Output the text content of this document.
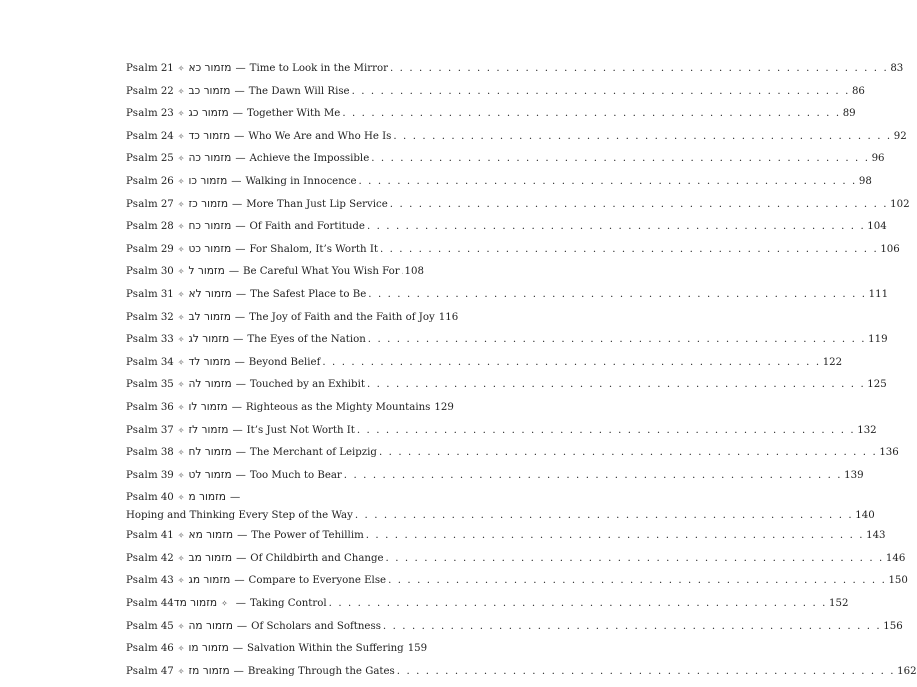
Psalm 21 ✧ מזמור כא — Time to Look in the Mirror . . . . . . . . . . . . . . . . . . . . . . . . . . . . . . . . . . . . . . . . . . . . . . . . . . . . 83
Psalm 22 ✧ מזמור כב — The Dawn Will Rise . . . . . . . . . . . . . . . . . . . . . . . . . . . . . . . . . . . . . . . . . . . . . . . . . . . . 86
Psalm 23 ✧ מזמור כג — Together With Me . . . . . . . . . . . . . . . . . . . . . . . . . . . . . . . . . . . . . . . . . . . . . . . . . . . . 89
Psalm 24 ✧ מזמור כד — Who We Are and Who He Is . . . . . . . . . . . . . . . . . . . . . . . . . . . . . . . . . . . . . . . . . . . . . . . . . . . . 92
Psalm 25 ✧ מזמור כה — Achieve the Impossible . . . . . . . . . . . . . . . . . . . . . . . . . . . . . . . . . . . . . . . . . . . . . . . . . . . . 96
Psalm 26 ✧ מזמור כו — Walking in Innocence . . . . . . . . . . . . . . . . . . . . . . . . . . . . . . . . . . . . . . . . . . . . . . . . . . . . 98
Psalm 27 ✧ מזמור כז — More Than Just Lip Service . . . . . . . . . . . . . . . . . . . . . . . . . . . . . . . . . . . . . . . . . . . . . . . . . . . . 102
Psalm 28 ✧ מזמור כח — Of Faith and Fortitude . . . . . . . . . . . . . . . . . . . . . . . . . . . . . . . . . . . . . . . . . . . . . . . . . . . . 104
Psalm 29 ✧ מזמור כט — For Shalom, It’s Worth It . . . . . . . . . . . . . . . . . . . . . . . . . . . . . . . . . . . . . . . . . . . . . . . . . . . . 106
Psalm 30 ✧ מזמור ל — Be Careful What You Wish For 108
Psalm 31 ✧ מזמור לא — The Safest Place to Be . . . . . . . . . . . . . . . . . . . . . . . . . . . . . . . . . . . . . . . . . . . . . . . . . . . . 111
Psalm 32 ✧ מזמור לב — The Joy of Faith and the Faith of Joy 116
Psalm 33 ✧ מזמור לג — The Eyes of the Nation . . . . . . . . . . . . . . . . . . . . . . . . . . . . . . . . . . . . . . . . . . . . . . . . . . . . 119
Psalm 34 ✧ מזמור לד — Beyond Belief . . . . . . . . . . . . . . . . . . . . . . . . . . . . . . . . . . . . . . . . . . . . . . . . . . . . 122
Psalm 35 ✧ מזמור לה — Touched by an Exhibit . . . . . . . . . . . . . . . . . . . . . . . . . . . . . . . . . . . . . . . . . . . . . . . . . . . . 125
Psalm 36 ✧ מזמור לו — Righteous as the Mighty Mountains 129
Psalm 37 ✧ מזמור לז — It’s Just Not Worth It . . . . . . . . . . . . . . . . . . . . . . . . . . . . . . . . . . . . . . . . . . . . . . . . . . . . 132
Psalm 38 ✧ מזמור לח — The Merchant of Leipzig . . . . . . . . . . . . . . . . . . . . . . . . . . . . . . . . . . . . . . . . . . . . . . . . . . . . 136
Psalm 39 ✧ מזמור לט — Too Much to Bear . . . . . . . . . . . . . . . . . . . . . . . . . . . . . . . . . . . . . . . . . . . . . . . . . . . . 139
Psalm 40 ✧ מזמור מ —
Hoping and Thinking Every Step of the Way . . . . . . . . . . . . . . . . . . . . . . . . . . . . . . . . . . . . . . . . . . . . . . . . . . . . 140
Psalm 41 ✧ מזמור מא — The Power of Tehillim . . . . . . . . . . . . . . . . . . . . . . . . . . . . . . . . . . . . . . . . . . . . . . . . . . . . 143
Psalm 42 ✧ מזמור מב — Of Childbirth and Change . . . . . . . . . . . . . . . . . . . . . . . . . . . . . . . . . . . . . . . . . . . . . . . . . . . . 146
Psalm 43 ✧ מזמור מג — Compare to Everyone Else . . . . . . . . . . . . . . . . . . . . . . . . . . . . . . . . . . . . . . . . . . . . . . . . . . . . 150
Psalm 44 מזמור מד ✧ — Taking Control . . . . . . . . . . . . . . . . . . . . . . . . . . . . . . . . . . . . . . . . . . . . . . . . . . . . 152
Psalm 45 ✧ מזמור מה — Of Scholars and Softness . . . . . . . . . . . . . . . . . . . . . . . . . . . . . . . . . . . . . . . . . . . . . . . . . . . . 156
Psalm 46 ✧ מזמור מו — Salvation Within the Suffering 159
Psalm 47 ✧ מזמור מז — Breaking Through the Gates . . . . . . . . . . . . . . . . . . . . . . . . . . . . . . . . . . . . . . . . . . . . . . . . . . . . 162
